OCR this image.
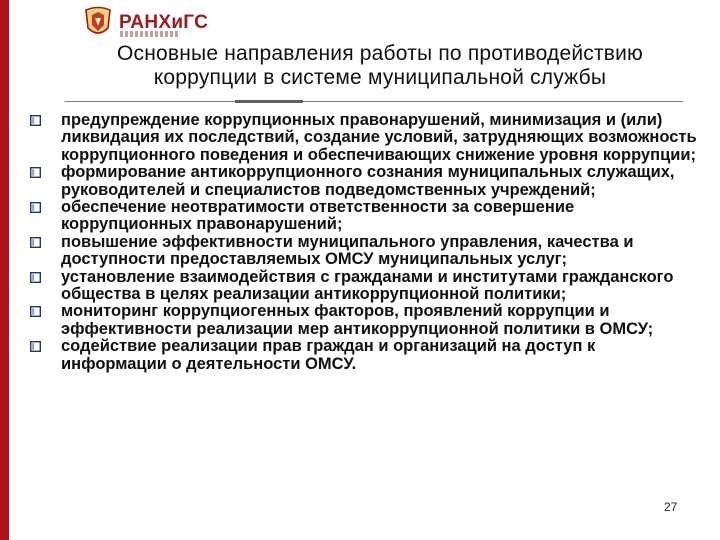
РАНХиГС
Основные направления работы по противодействию
коррупции в системе муниципальной службы
предупреждение коррупционных правонарушений, минимизация и (или) ликвидация их последствий, создание условий, затрудняющих возможность коррупционного поведения и обеспечивающих снижение уровня коррупции;
формирование антикоррупционного сознания муниципальных служащих, руководителей и специалистов подведомственных учреждений;
обеспечение неотвратимости ответственности за совершение коррупционных правонарушений;
повышение эффективности муниципального управления, качества и доступности предоставляемых ОМСУ муниципальных услуг;
установление взаимодействия с гражданами и институтами гражданского общества в целях реализации антикоррупционной политики;
мониторинг коррупциогенных факторов, проявлений коррупции и эффективности реализации мер антикоррупционной политики в ОМСУ;
содействие реализации прав граждан и организаций на доступ к информации о деятельности ОМСУ.
27
